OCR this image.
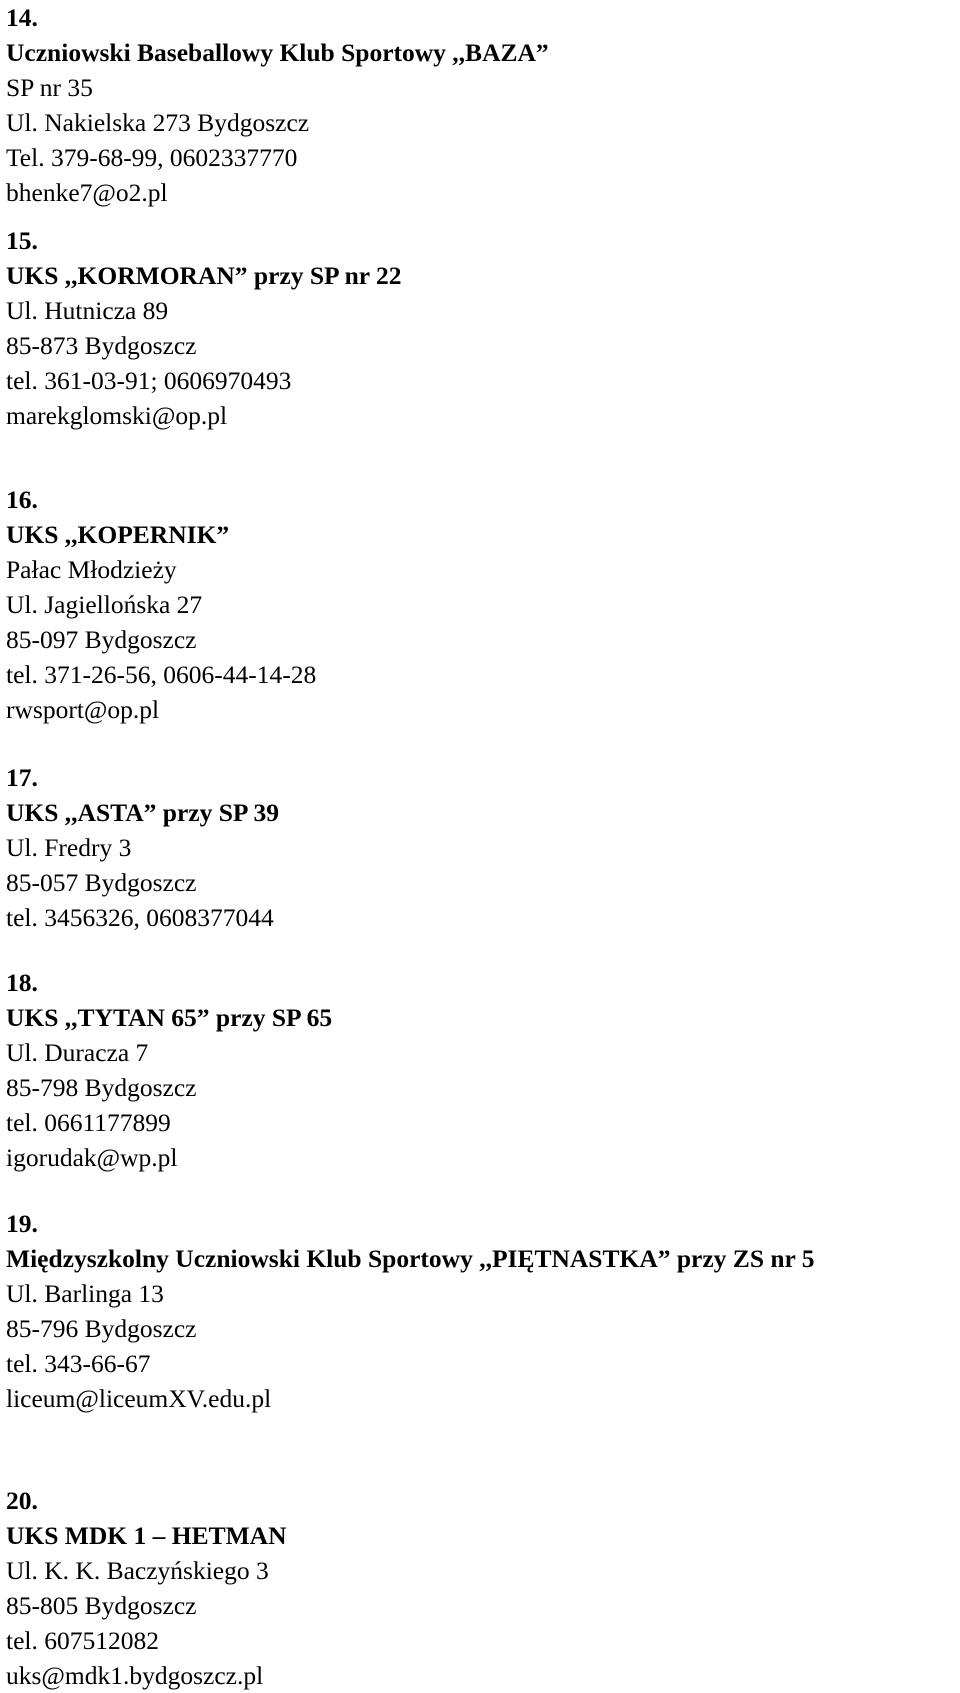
14.
Uczniowski Baseballowy Klub Sportowy ,,BAZA”
SP nr 35
Ul. Nakielska 273 Bydgoszcz
Tel. 379-68-99, 0602337770
bhenke7@o2.pl
15.
UKS ,,KORMORAN” przy SP nr 22
Ul. Hutnicza 89
85-873 Bydgoszcz
tel. 361-03-91; 0606970493
marekglomski@op.pl
16.
UKS ,,KOPERNIK”
Pałac Młodzieży
Ul. Jagiellońska 27
85-097 Bydgoszcz
tel. 371-26-56, 0606-44-14-28
rwsport@op.pl
17.
UKS ,,ASTA” przy SP 39
Ul. Fredry 3
85-057 Bydgoszcz
tel. 3456326, 0608377044
18.
UKS ,,TYTAN 65” przy SP 65
Ul. Duracza 7
85-798 Bydgoszcz
tel. 0661177899
igorudak@wp.pl
19.
Międzyszkolny Uczniowski Klub Sportowy ,,PIĘTNASTKA” przy ZS nr 5
Ul. Barlinga 13
85-796 Bydgoszcz
tel. 343-66-67
liceum@liceumXV.edu.pl
20.
UKS MDK 1 – HETMAN
Ul. K. K. Baczyńskiego 3
85-805 Bydgoszcz
tel. 607512082
uks@mdk1.bydgoszcz.pl
